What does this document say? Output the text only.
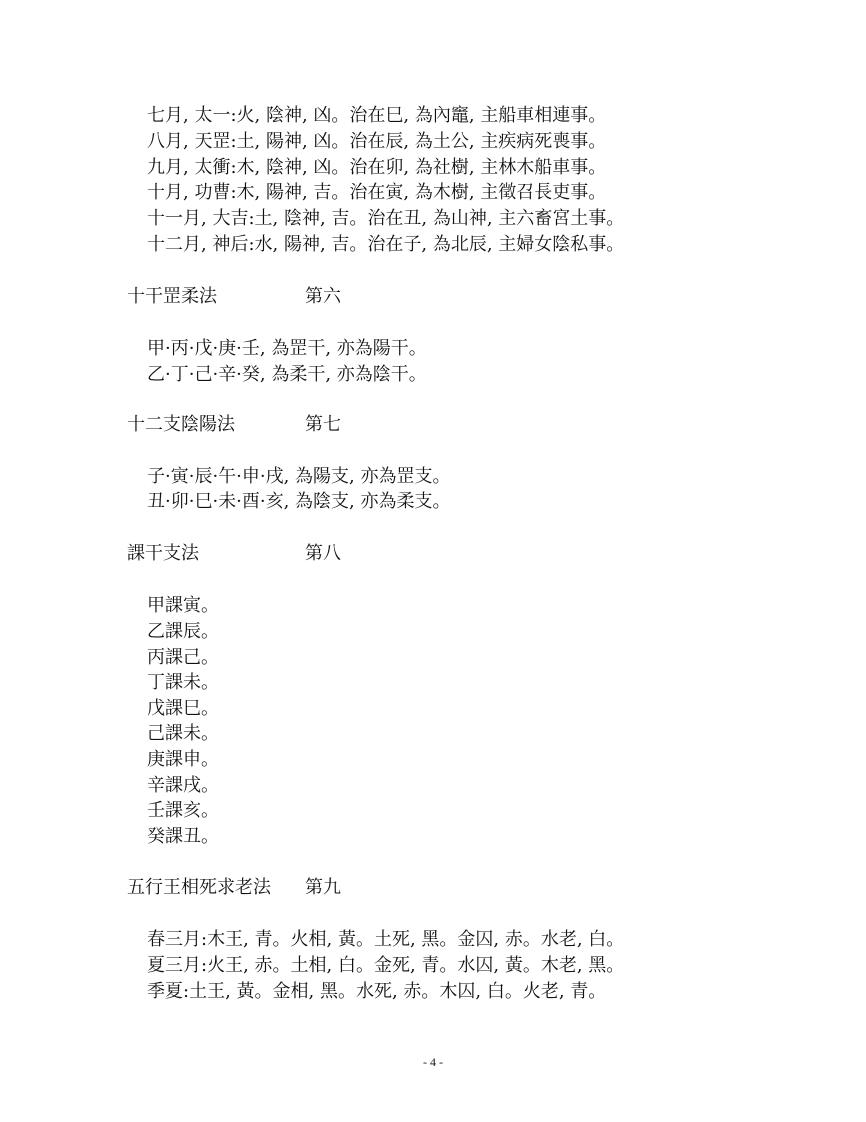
七月, 太一:火, 陰神, 凶。治在巳, 為內竈, 主船車相連事。
八月, 天罡:土, 陽神, 凶。治在辰, 為土公, 主疾病死喪事。
九月, 太衝:木, 陰神, 凶。治在卯, 為社樹, 主林木船車事。
十月, 功曹:木, 陽神, 吉。治在寅, 為木樹, 主徵召長吏事。
十一月, 大吉:土, 陰神, 吉。治在丑, 為山神, 主六畜宮土事。
十二月, 神后:水, 陽神, 吉。治在子, 為北辰, 主婦女陰私事。
十干罡柔法	第六
甲·丙·戊·庚·壬, 為罡干, 亦為陽干。
乙·丁·己·辛·癸, 為柔干, 亦為陰干。
十二支陰陽法	第七
子·寅·辰·午·申·戌, 為陽支, 亦為罡支。
丑·卯·巳·未·酉·亥, 為陰支, 亦為柔支。
課干支法	第八
甲課寅。
乙課辰。
丙課己。
丁課未。
戊課巳。
己課未。
庚課申。
辛課戌。
壬課亥。
癸課丑。
五行王相死求老法 第九
春三月:木王, 青。火相, 黃。土死, 黑。金囚, 赤。水老, 白。
夏三月:火王, 赤。土相, 白。金死, 青。水囚, 黃。木老, 黑。
季夏:土王, 黃。金相, 黑。水死, 赤。木囚, 白。火老, 青。
- 4 -
